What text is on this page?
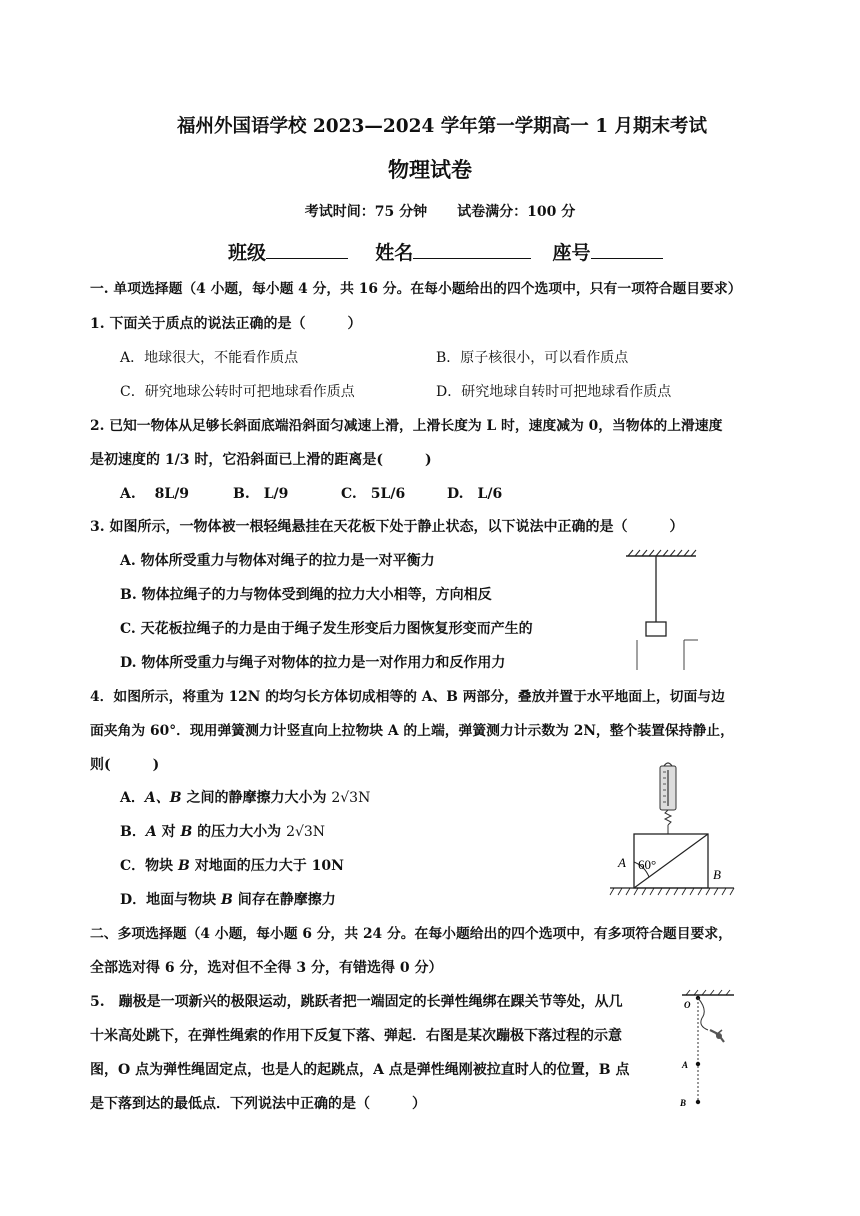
福州外国语学校 2023—2024 学年第一学期高一 1 月期末考试
物理试卷
考试时间：75 分钟 试卷满分：100 分
班级	姓名	座号
一. 单项选择题（4 小题，每小题 4 分，共 16 分。在每小题给出的四个选项中，只有一项符合题目要求）
1. 下面关于质点的说法正确的是（　　　）
A．地球很大，不能看作质点	B．原子核很小，可以看作质点
C．研究地球公转时可把地球看作质点	D．研究地球自转时可把地球看作质点
2. 已知一物体从足够长斜面底端沿斜面匀减速上滑，上滑长度为 L 时，速度减为 0，当物体的上滑速度
是初速度的 1/3 时，它沿斜面已上滑的距离是(　　　)
A.　 8L/9	B.　L/9	C.　5L/6	D.　L/6
3. 如图所示，一物体被一根轻绳悬挂在天花板下处于静止状态，以下说法中正确的是（　　　）
A. 物体所受重力与物体对绳子的拉力是一对平衡力
B. 物体拉绳子的力与物体受到绳的拉力大小相等，方向相反
C. 天花板拉绳子的力是由于绳子发生形变后力图恢复形变而产生的
D. 物体所受重力与绳子对物体的拉力是一对作用力和反作用力
4．如图所示，将重为 12N 的均匀长方体切成相等的 A、B 两部分，叠放并置于水平地面上，切面与边
面夹角为 60°．现用弹簧测力计竖直向上拉物块 A 的上端，弹簧测力计示数为 2N，整个装置保持静止，
则(　　　)
A．A、B 之间的静摩擦力大小为 2√3N
B．A 对 B 的压力大小为 2√3N
C．物块 B 对地面的压力大于 10N
D．地面与物块 B 间存在静摩擦力
60°
A
B
二、多项选择题（4 小题，每小题 6 分，共 24 分。在每小题给出的四个选项中，有多项符合题目要求，
全部选对得 6 分，选对但不全得 3 分，有错选得 0 分）
5.　蹦极是一项新兴的极限运动，跳跃者把一端固定的长弹性绳绑在踝关节等处，从几
十米高处跳下，在弹性绳索的作用下反复下落、弹起．右图是某次蹦极下落过程的示意
图，O 点为弹性绳固定点，也是人的起跳点，A 点是弹性绳刚被拉直时人的位置，B 点
是下落到达的最低点．下列说法中正确的是（　　　）
O
A
B
